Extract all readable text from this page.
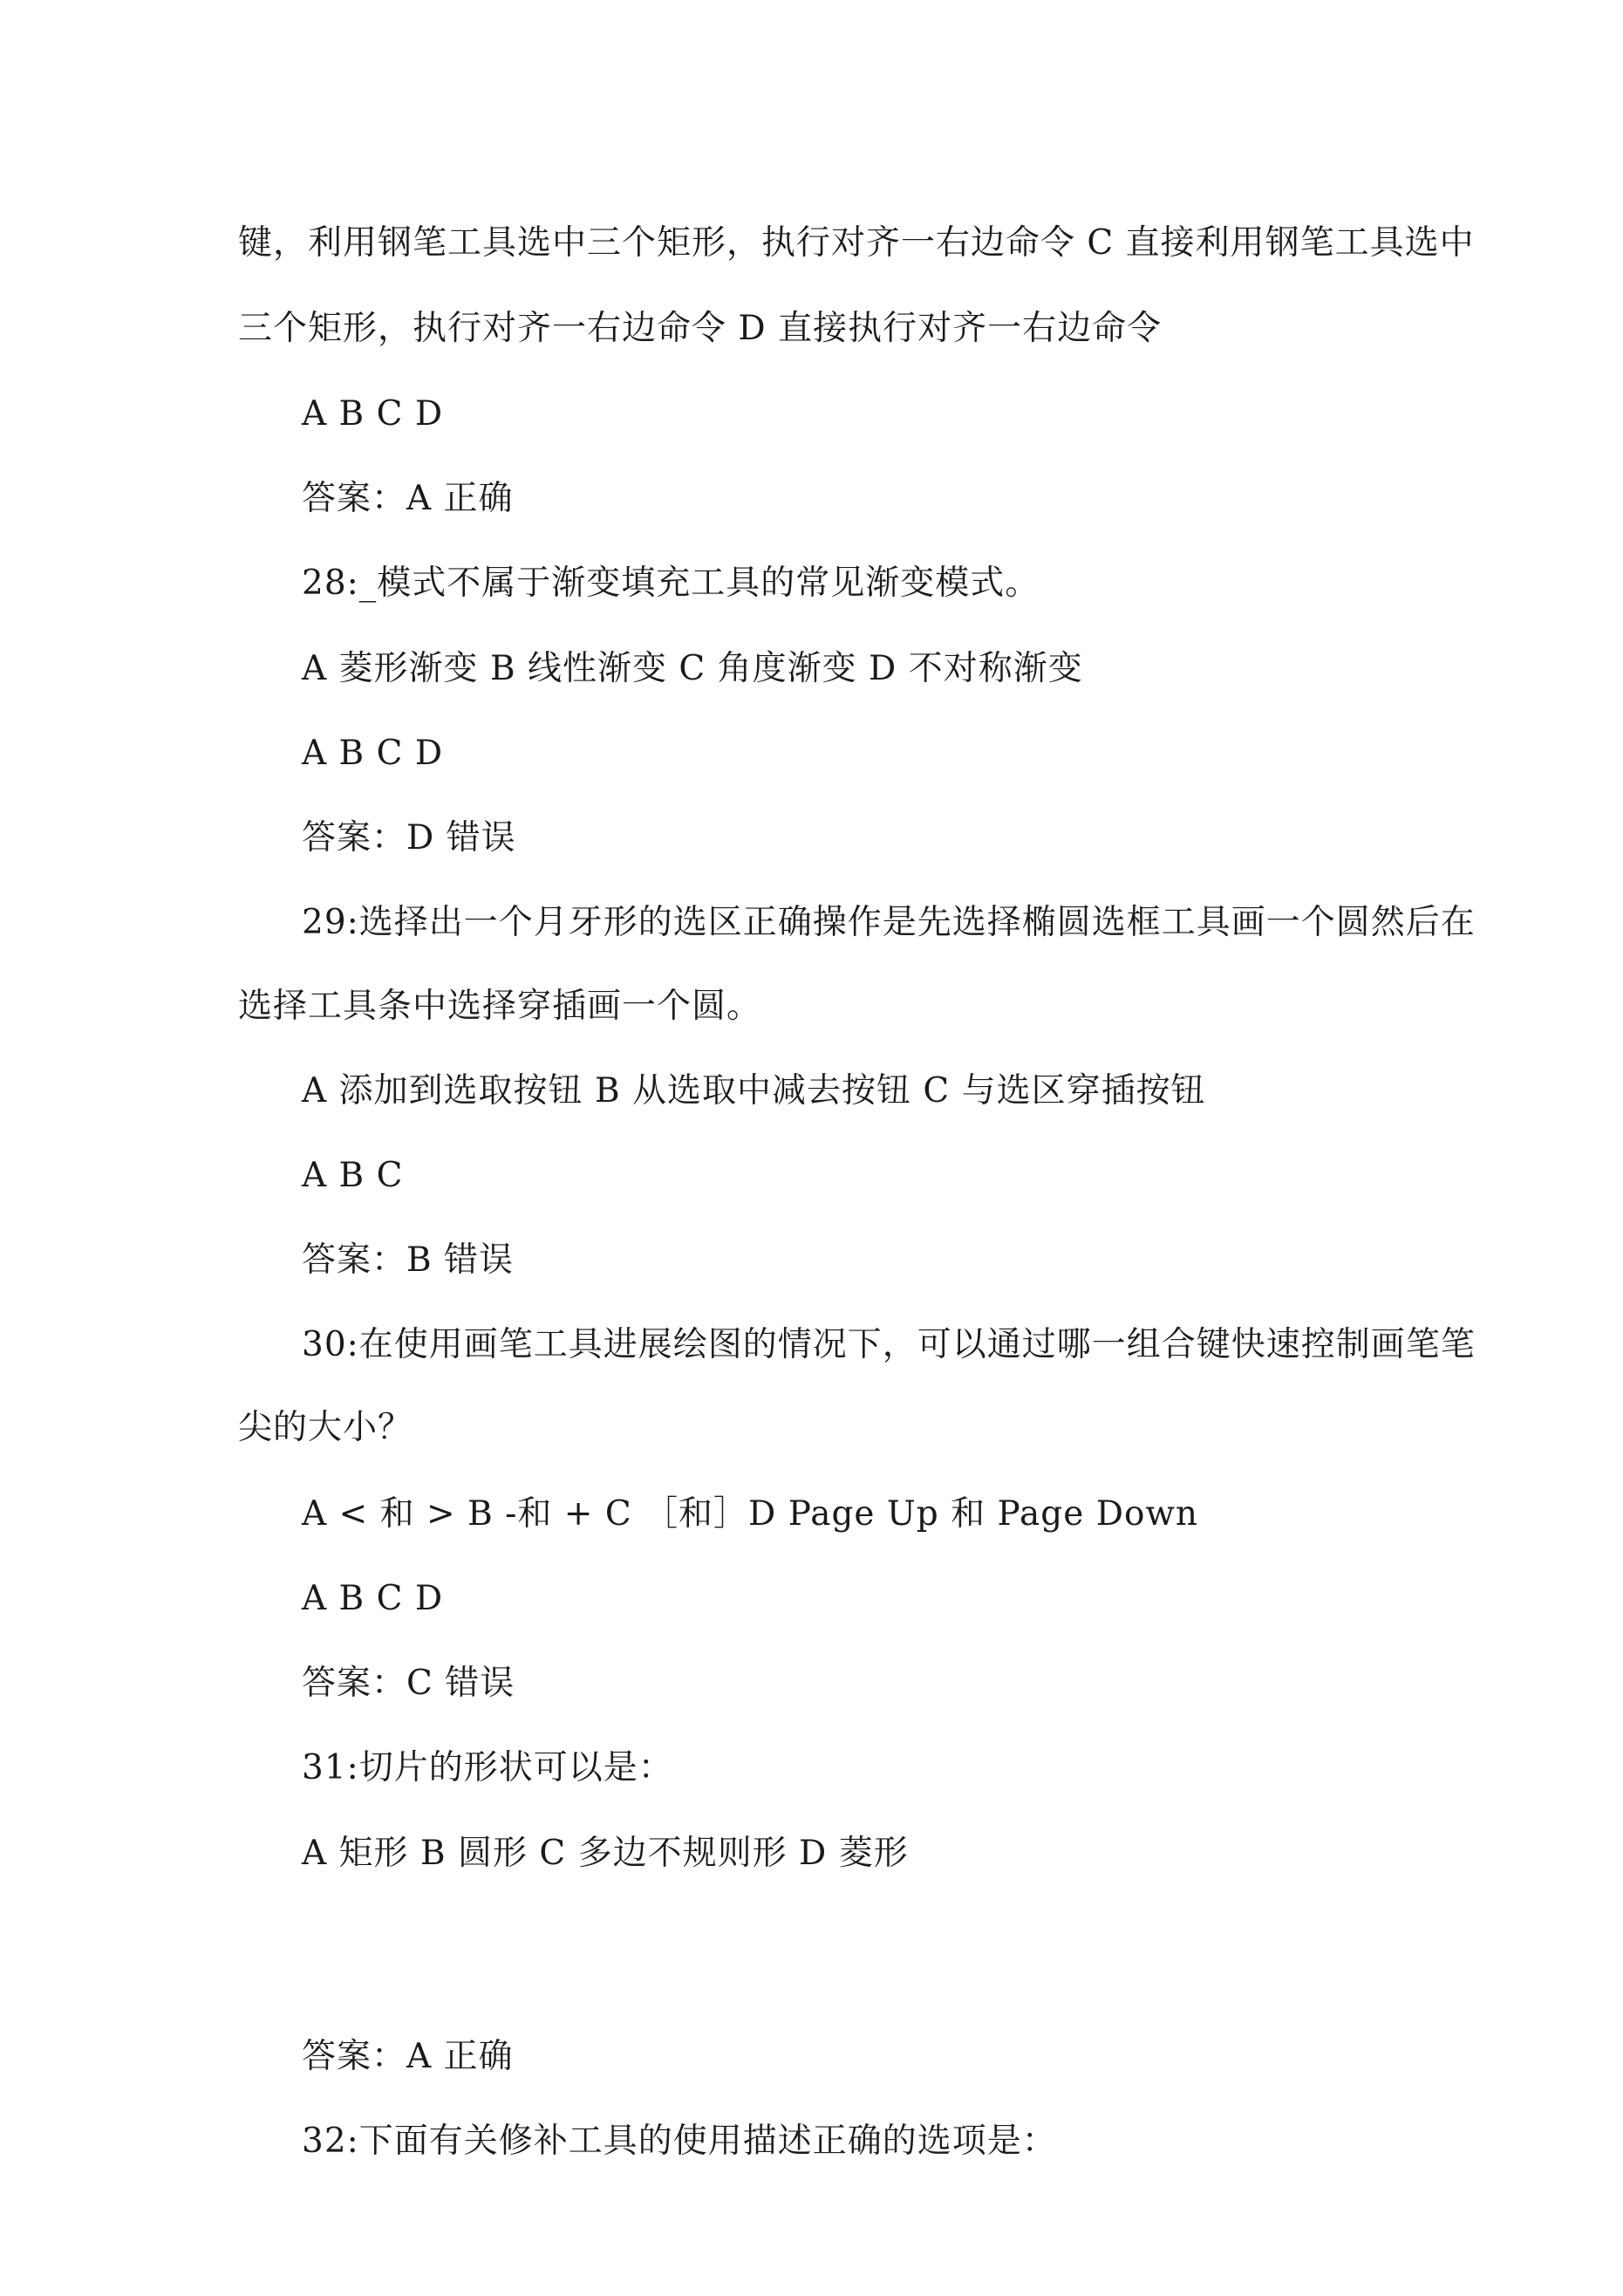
键，利用钢笔工具选中三个矩形，执行对齐一右边命令 C 直接利用钢笔工具选中
三个矩形，执行对齐一右边命令 D 直接执行对齐一右边命令
A B C D
答案：A 正确
28:_模式不属于渐变填充工具的常见渐变模式。
A 菱形渐变 B 线性渐变 C 角度渐变 D 不对称渐变
A B C D
答案：D 错误
29:选择出一个月牙形的选区正确操作是先选择椭圆选框工具画一个圆然后在
选择工具条中选择穿插画一个圆。
A 添加到选取按钮 B 从选取中减去按钮 C 与选区穿插按钮
A B C
答案：B 错误
30:在使用画笔工具进展绘图的情况下，可以通过哪一组合键快速控制画笔笔
尖的大小？
A < 和 > B -和 + C ［和］D Page Up 和 Page Down
A B C D
答案：C 错误
31:切片的形状可以是：
A 矩形 B 圆形 C 多边不规则形 D 菱形
答案：A 正确
32:下面有关修补工具的使用描述正确的选项是：
